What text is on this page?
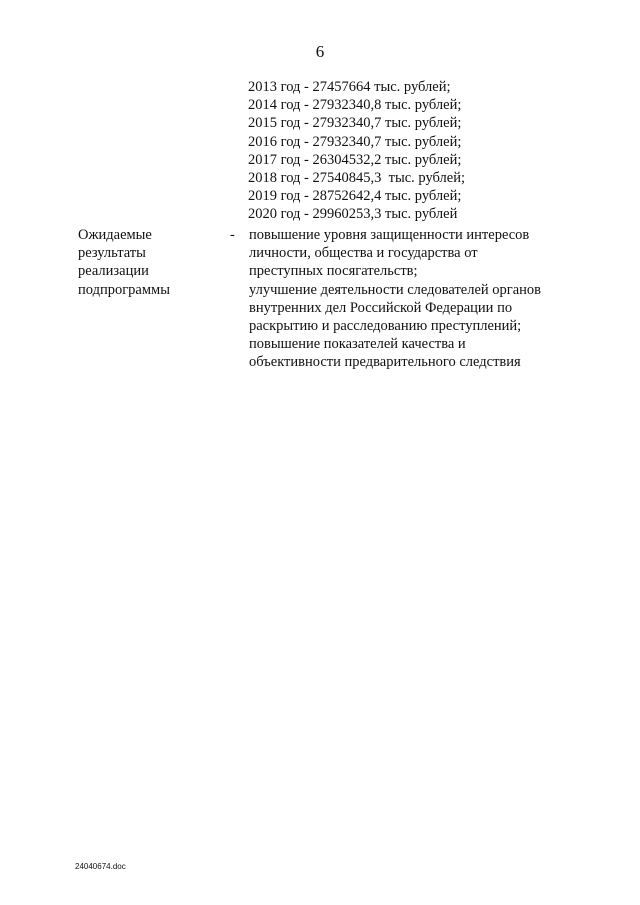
6
2013 год - 27457664 тыс. рублей;
2014 год - 27932340,8 тыс. рублей;
2015 год - 27932340,7 тыс. рублей;
2016 год - 27932340,7 тыс. рублей;
2017 год - 26304532,2 тыс. рублей;
2018 год - 27540845,3  тыс. рублей;
2019 год - 28752642,4 тыс. рублей;
2020 год - 29960253,3 тыс. рублей
Ожидаемые
результаты
реализации
подпрограммы
- повышение уровня защищенности интересов
личности, общества и государства от
преступных посягательств;
улучшение деятельности следователей органов
внутренних дел Российской Федерации по
раскрытию и расследованию преступлений;
повышение показателей качества и
объективности предварительного следствия
24040674.doc
